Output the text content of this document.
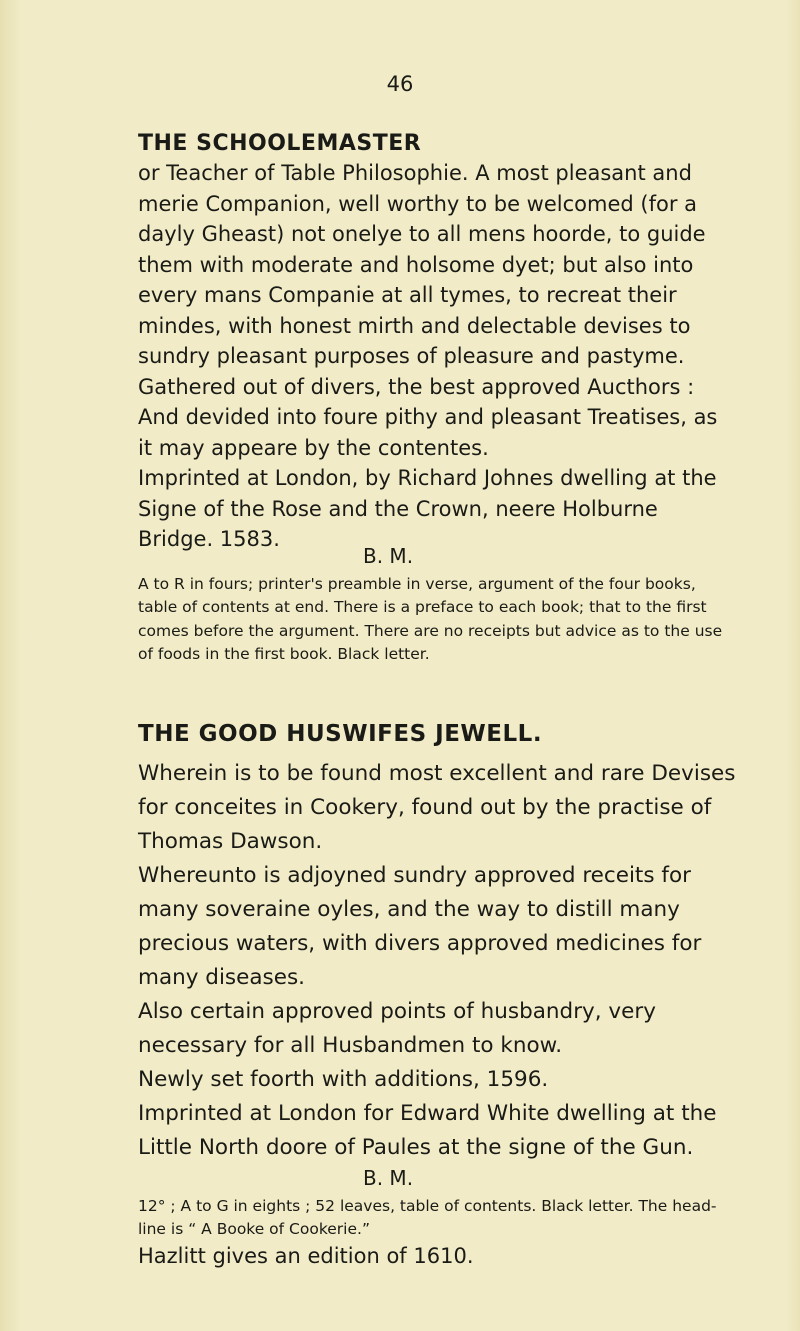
46
THE SCHOOLEMASTER

or Teacher of Table Philosophie. A most pleasant and merie Companion, well worthy to be welcomed (for a dayly Gheast) not onelye to all mens hoorde, to guide them with moderate and holsome dyet; but also into every mans Companie at all tymes, to recreat their mindes, with honest mirth and delectable devises to sundry pleasant purposes of pleasure and pastyme.

Gathered out of divers, the best approved Aucthors :

And devided into foure pithy and pleasant Treatises, as it may appeare by the contentes.

Imprinted at London, by Richard Johnes dwelling at the Signe of the Rose and the Crown, neere Holburne Bridge. 1583.

B. M.

A to R in fours; printer's preamble in verse, argument of the four books, table of contents at end. There is a preface to each book; that to the first comes before the argument. There are no receipts but advice as to the use of foods in the first book. Black letter.

THE GOOD HUSWIFES JEWELL.

Wherein is to be found most excellent and rare Devises for conceites in Cookery, found out by the practise of Thomas Dawson.

Whereunto is adjoyned sundry approved receits for many soveraine oyles, and the way to distill many precious waters, with divers approved medicines for many diseases.

Also certain approved points of husbandry, very necessary for all Husbandmen to know.

Newly set foorth with additions, 1596.

Imprinted at London for Edward White dwelling at the Little North doore of Paules at the signe of the Gun.

B. M.

12° ; A to G in eights ; 52 leaves, table of contents. Black letter. The head-line is “ A Booke of Cookerie.”

Hazlitt gives an edition of 1610.
